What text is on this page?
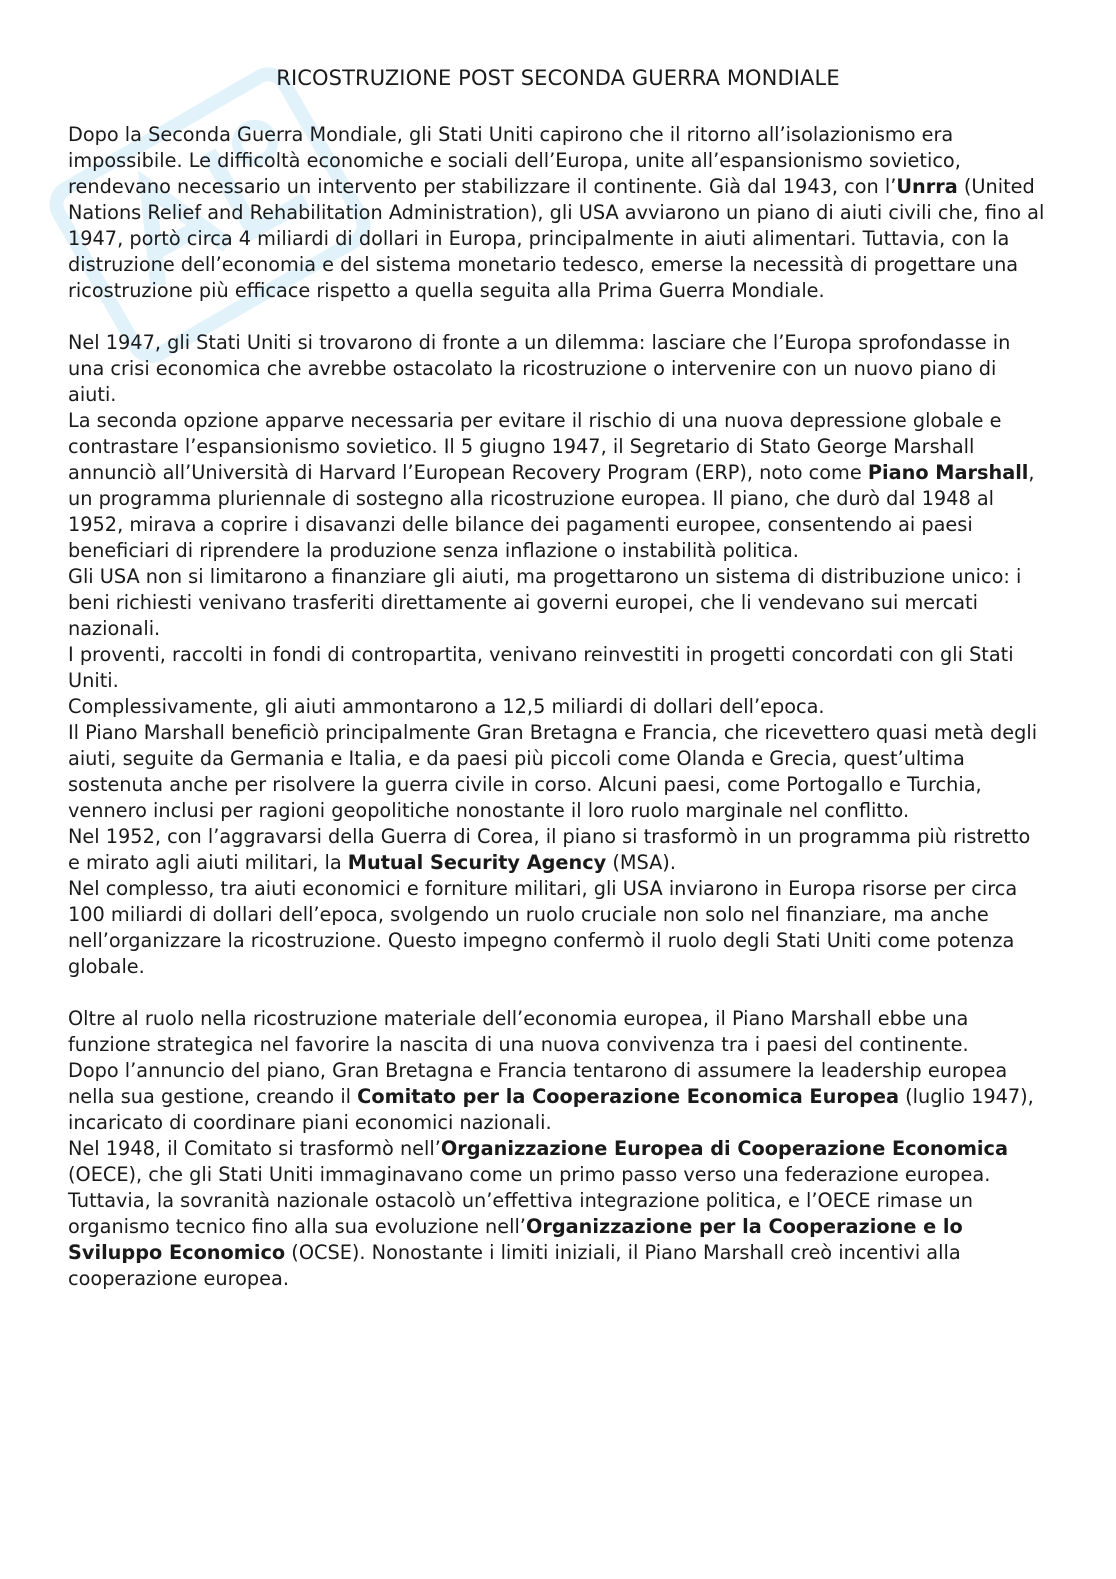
RICOSTRUZIONE POST SECONDA GUERRA MONDIALE

Dopo la Seconda Guerra Mondiale, gli Stati Uniti capirono che il ritorno all’isolazionismo era impossibile. Le difficoltà economiche e sociali dell’Europa, unite all’espansionismo sovietico, rendevano necessario un intervento per stabilizzare il continente. Già dal 1943, con l’Unrra (United Nations Relief and Rehabilitation Administration), gli USA avviarono un piano di aiuti civili che, fino al 1947, portò circa 4 miliardi di dollari in Europa, principalmente in aiuti alimentari. Tuttavia, con la distruzione dell’economia e del sistema monetario tedesco, emerse la necessità di progettare una ricostruzione più efficace rispetto a quella seguita alla Prima Guerra Mondiale.

Nel 1947, gli Stati Uniti si trovarono di fronte a un dilemma: lasciare che l’Europa sprofondasse in una crisi economica che avrebbe ostacolato la ricostruzione o intervenire con un nuovo piano di aiuti.

La seconda opzione apparve necessaria per evitare il rischio di una nuova depressione globale e contrastare l’espansionismo sovietico. Il 5 giugno 1947, il Segretario di Stato George Marshall annunciò all’Università di Harvard l’European Recovery Program (ERP), noto come Piano Marshall, un programma pluriennale di sostegno alla ricostruzione europea. Il piano, che durò dal 1948 al 1952, mirava a coprire i disavanzi delle bilance dei pagamenti europee, consentendo ai paesi beneficiari di riprendere la produzione senza inflazione o instabilità politica.

Gli USA non si limitarono a finanziare gli aiuti, ma progettarono un sistema di distribuzione unico: i beni richiesti venivano trasferiti direttamente ai governi europei, che li vendevano sui mercati nazionali.

I proventi, raccolti in fondi di contropartita, venivano reinvestiti in progetti concordati con gli Stati Uniti.

Complessivamente, gli aiuti ammontarono a 12,5 miliardi di dollari dell’epoca.

Il Piano Marshall beneficiò principalmente Gran Bretagna e Francia, che ricevettero quasi metà degli aiuti, seguite da Germania e Italia, e da paesi più piccoli come Olanda e Grecia, quest’ultima sostenuta anche per risolvere la guerra civile in corso. Alcuni paesi, come Portogallo e Turchia, vennero inclusi per ragioni geopolitiche nonostante il loro ruolo marginale nel conflitto.

Nel 1952, con l’aggravarsi della Guerra di Corea, il piano si trasformò in un programma più ristretto e mirato agli aiuti militari, la Mutual Security Agency (MSA).

Nel complesso, tra aiuti economici e forniture militari, gli USA inviarono in Europa risorse per circa 100 miliardi di dollari dell’epoca, svolgendo un ruolo cruciale non solo nel finanziare, ma anche nell’organizzare la ricostruzione. Questo impegno confermò il ruolo degli Stati Uniti come potenza globale.

Oltre al ruolo nella ricostruzione materiale dell’economia europea, il Piano Marshall ebbe una funzione strategica nel favorire la nascita di una nuova convivenza tra i paesi del continente.

Dopo l’annuncio del piano, Gran Bretagna e Francia tentarono di assumere la leadership europea nella sua gestione, creando il Comitato per la Cooperazione Economica Europea (luglio 1947), incaricato di coordinare piani economici nazionali.

Nel 1948, il Comitato si trasformò nell’Organizzazione Europea di Cooperazione Economica (OECE), che gli Stati Uniti immaginavano come un primo passo verso una federazione europea.

Tuttavia, la sovranità nazionale ostacolò un’effettiva integrazione politica, e l’OECE rimase un organismo tecnico fino alla sua evoluzione nell’Organizzazione per la Cooperazione e lo Sviluppo Economico (OCSE). Nonostante i limiti iniziali, il Piano Marshall creò incentivi alla cooperazione europea.
